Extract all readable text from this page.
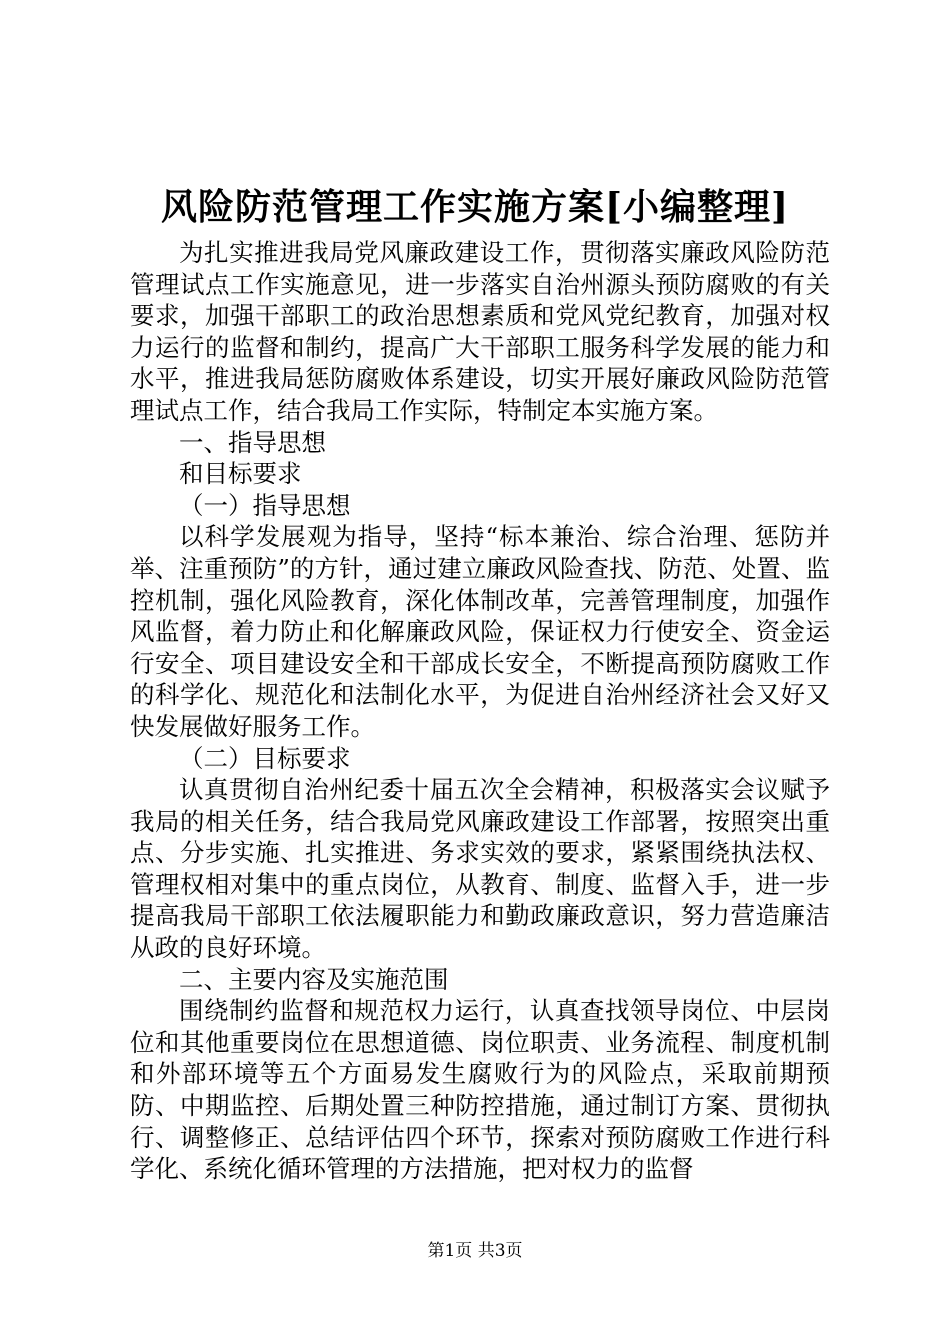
风险防范管理工作实施方案[小编整理]

为扎实推进我局党风廉政建设工作，贯彻落实廉政风险防范管理试点工作实施意见，进一步落实自治州源头预防腐败的有关要求，加强干部职工的政治思想素质和党风党纪教育，加强对权力运行的监督和制约，提高广大干部职工服务科学发展的能力和水平，推进我局惩防腐败体系建设，切实开展好廉政风险防范管理试点工作，结合我局工作实际，特制定本实施方案。

一、指导思想

和目标要求

（一）指导思想

以科学发展观为指导，坚持“标本兼治、综合治理、惩防并举、注重预防”的方针，通过建立廉政风险查找、防范、处置、监控机制，强化风险教育，深化体制改革，完善管理制度，加强作风监督，着力防止和化解廉政风险，保证权力行使安全、资金运行安全、项目建设安全和干部成长安全，不断提高预防腐败工作的科学化、规范化和法制化水平，为促进自治州经济社会又好又快发展做好服务工作。

（二）目标要求

认真贯彻自治州纪委十届五次全会精神，积极落实会议赋予我局的相关任务，结合我局党风廉政建设工作部署，按照突出重点、分步实施、扎实推进、务求实效的要求，紧紧围绕执法权、管理权相对集中的重点岗位，从教育、制度、监督入手，进一步提高我局干部职工依法履职能力和勤政廉政意识，努力营造廉洁从政的良好环境。

二、主要内容及实施范围

围绕制约监督和规范权力运行，认真查找领导岗位、中层岗位和其他重要岗位在思想道德、岗位职责、业务流程、制度机制和外部环境等五个方面易发生腐败行为的风险点，采取前期预防、中期监控、后期处置三种防控措施，通过制订方案、贯彻执行、调整修正、总结评估四个环节，探索对预防腐败工作进行科学化、系统化循环管理的方法措施，把对权力的监督

第1页 共3页
